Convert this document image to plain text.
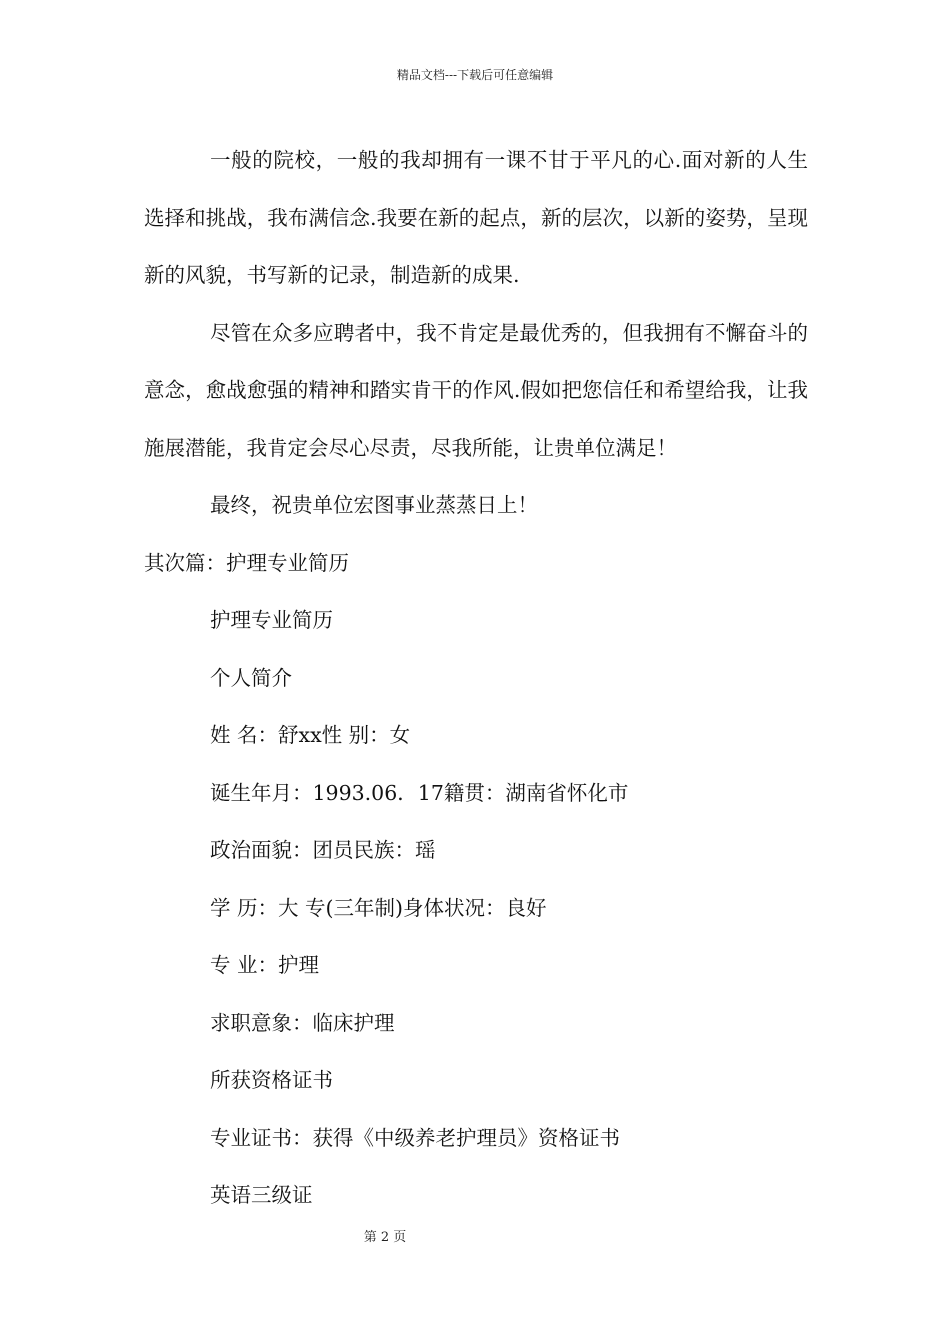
精品文档---下载后可任意编辑

一般的院校，一般的我却拥有一课不甘于平凡的心.面对新的人生选择和挑战，我布满信念.我要在新的起点，新的层次，以新的姿势，呈现新的风貌，书写新的记录，制造新的成果.

尽管在众多应聘者中，我不肯定是最优秀的，但我拥有不懈奋斗的意念，愈战愈强的精神和踏实肯干的作风.假如把您信任和希望给我，让我施展潜能，我肯定会尽心尽责，尽我所能，让贵单位满足！

最终，祝贵单位宏图事业蒸蒸日上！

其次篇：护理专业简历

护理专业简历

个人简介

姓 名：舒xx性 别：女

诞生年月：1993.06．17籍贯：湖南省怀化市

政治面貌：团员民族：瑶

学 历：大 专(三年制)身体状况：良好

专 业：护理

求职意象：临床护理

所获资格证书

专业证书：获得《中级养老护理员》资格证书

英语三级证

第 2 页
